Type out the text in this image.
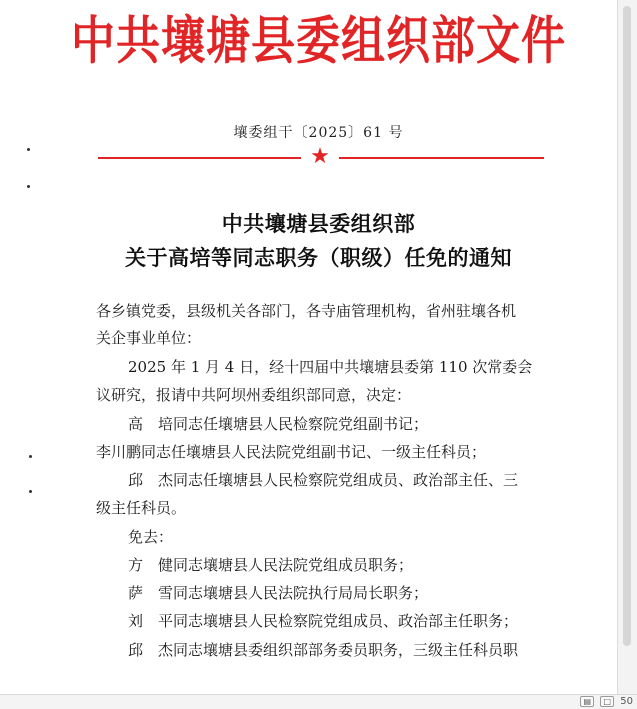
中共壤塘县委组织部文件
壤委组干〔2025〕61 号
★
中共壤塘县委组织部
关于高培等同志职务（职级）任免的通知
各乡镇党委，县级机关各部门，各寺庙管理机构，省州驻壤各机
关企事业单位：
2025 年 1 月 4 日，经十四届中共壤塘县委第 110 次常委会
议研究，报请中共阿坝州委组织部同意，决定：
高　培同志任壤塘县人民检察院党组副书记；
李川鹏同志任壤塘县人民法院党组副书记、一级主任科员；
邱　杰同志任壤塘县人民检察院党组成员、政治部主任、三
级主任科员。
免去：
方　健同志壤塘县人民法院党组成员职务；
萨　雪同志壤塘县人民法院执行局局长职务；
刘　平同志壤塘县人民检察院党组成员、政治部主任职务；
邱　杰同志壤塘县委组织部部务委员职务，三级主任科员职
▤	□ 50
